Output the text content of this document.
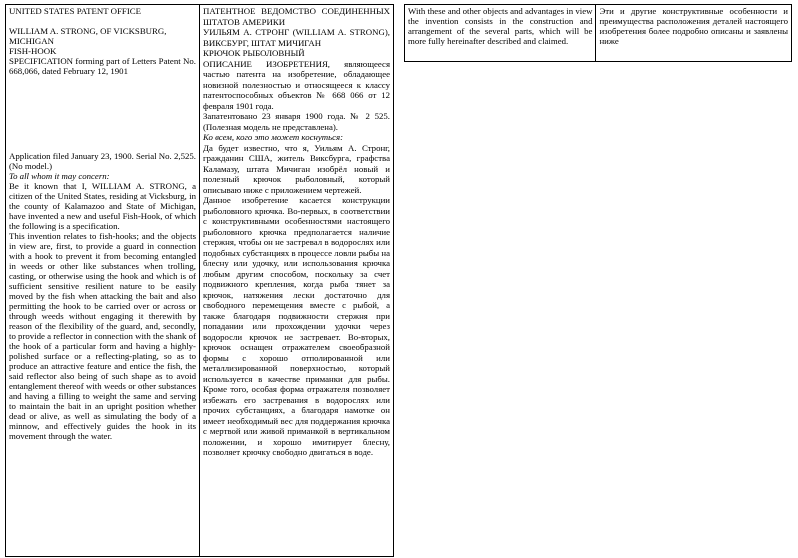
UNITED STATES PATENT OFFICE
WILLIAM A. STRONG, OF VICKSBURG, MICHIGAN
FISH-HOOK
SPECIFICATION forming part of Letters Patent No. 668,066, dated February 12, 1901
Application filed January 23, 1900. Serial No. 2,525. (No model.)
To all whom it may concern:
Be it known that I, WILLIAM A. STRONG, a citizen of the United States, residing at Vicksburg, in the county of Kalamazoo and State of Michigan, have invented a new and useful Fish-Hook, of which the following is a specification.
This invention relates to fish-hooks; and the objects in view are, first, to provide a guard in connection with a hook to prevent it from becoming entangled in weeds or other like substances when trolling, casting, or otherwise using the hook and which is of sufficient sensitive resilient nature to be easily moved by the fish when attacking the bait and also permitting the hook to be carried over or across or through weeds without engaging it therewith by reason of the flexibility of the guard, and, secondly, to provide a reflector in connection with the shank of the hook of a particular form and having a highly-polished surface or a reflecting-plating, so as to produce an attractive feature and entice the fish, the said reflector also being of such shape as to avoid entanglement thereof with weeds or other substances and having a filling to weight the same and serving to maintain the bait in an upright position whether dead or alive, as well as simulating the body of a minnow, and effectively guides the hook in its movement through the water.

ПАТЕНТНОЕ ВЕДОМСТВО СОЕДИНЕННЫХ ШТАТОВ АМЕРИКИ
УИЛЬЯМ А. СТРОНГ (WILLIAM A. STRONG), ВИКСБУРГ, ШТАТ МИЧИГАН
КРЮЧОК РЫБОЛОВНЫЙ
ОПИСАНИЕ ИЗОБРЕТЕНИЯ, являющееся частью патента на изобретение, обладающее новизной полезностью и относящееся к классу патентоспособных объектов № 668 066 от 12 февраля 1901 года.
Запатентовано 23 января 1900 года. № 2 525. (Полезная модель не представлена).
Ко всем, кого это может коснуться:
Да будет известно, что я, Уильям А. Стронг, гражданин США, житель Виксбурга, графства Каламазу, штата Мичиган изобрёл новый и полезный крючок рыболовный, который описываю ниже с приложением чертежей.
Данное изобретение касается конструкции рыболовного крючка. Во-первых, в соответствии с конструктивными особенностями настоящего рыболовного крючка предполагается наличие стержня, чтобы он не застревал в водорослях или подобных субстанциях в процессе ловли рыбы на блесну или удочку, или использования крючка любым другим способом, поскольку за счет подвижного крепления, когда рыба тянет за крючок, натяжения лески достаточно для свободного перемещения вместе с рыбой, а также благодаря подвижности стержня при попадании или прохождении удочки через водоросли крючок не застревает. Во-вторых, крючок оснащен отражателем своеобразной формы с хорошо отполированной или металлизированной поверхностью, который используется в качестве приманки для рыбы. Кроме того, особая форма отражателя позволяет избежать его застревания в водорослях или прочих субстанциях, а благодаря намотке он имеет необходимый вес для поддержания крючка с мертвой или живой приманкой в вертикальном положении, и хорошо имитирует блесну, позволяет крючку свободно двигаться в воде.
With these and other objects and advantages in view the invention consists in the construction and arrangement of the several parts, which will be more fully hereinafter described and claimed.	Эти и другие конструктивные особенности и преимущества расположения деталей настоящего изобретения более подробно описаны и заявлены ниже
